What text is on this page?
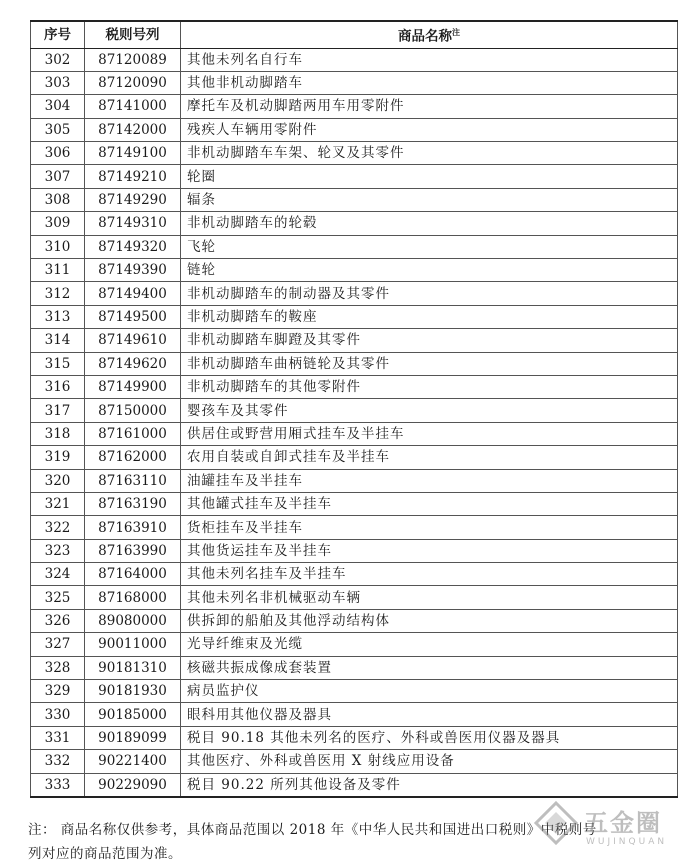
序号	税则号列	商品名称$^注$
302	87120089	其他未列名自行车
303	87120090	其他非机动脚踏车
304	87141000	摩托车及机动脚踏两用车用零附件
305	87142000	残疾人车辆用零附件
306	87149100	非机动脚踏车车架、轮叉及其零件
307	87149210	轮圈
308	87149290	辐条
309	87149310	非机动脚踏车的轮毂
310	87149320	飞轮
311	87149390	链轮
312	87149400	非机动脚踏车的制动器及其零件
313	87149500	非机动脚踏车的鞍座
314	87149610	非机动脚踏车脚蹬及其零件
315	87149620	非机动脚踏车曲柄链轮及其零件
316	87149900	非机动脚踏车的其他零附件
317	87150000	婴孩车及其零件
318	87161000	供居住或野营用厢式挂车及半挂车
319	87162000	农用自装或自卸式挂车及半挂车
320	87163110	油罐挂车及半挂车
321	87163190	其他罐式挂车及半挂车
322	87163910	货柜挂车及半挂车
323	87163990	其他货运挂车及半挂车
324	87164000	其他未列名挂车及半挂车
325	87168000	其他未列名非机械驱动车辆
326	89080000	供拆卸的船舶及其他浮动结构体
327	90011000	光导纤维束及光缆
328	90181310	核磁共振成像成套装置
329	90181930	病员监护仪
330	90185000	眼科用其他仪器及器具
331	90189099	税目 90.18 其他未列名的医疗、外科或兽医用仪器及器具
332	90221400	其他医疗、外科或兽医用 X 射线应用设备
333	90229090	税目 90.22 所列其他设备及零件

注： 商品名称仅供参考，具体商品范围以 2018 年《中华人民共和国进出口税则》中税则号

列对应的商品范围为准。

五金圈
WUJINQUAN
